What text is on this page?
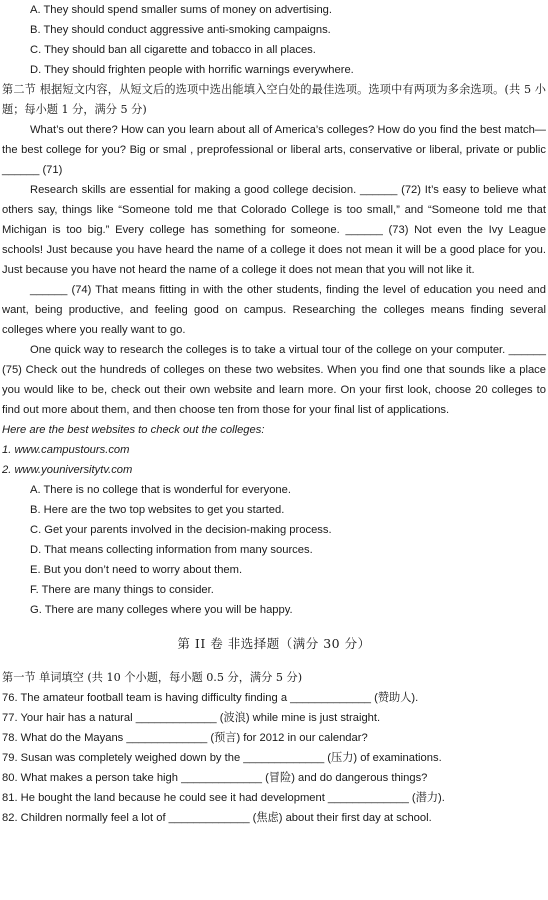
A. They should spend smaller sums of money on advertising.
B. They should conduct aggressive anti-smoking campaigns.
C. They should ban all cigarette and tobacco in all places.
D. They should frighten people with horrific warnings everywhere.
第二节 根据短文内容，从短文后的选项中选出能填入空白处的最佳选项。选项中有两项为多余选项。(共 5 小题；每小题 1 分，满分 5 分)
What’s out there? How can you learn about all of America’s colleges? How do you find the best match—the best college for you? Big or smal , preprofessional or liberal arts, conservative or liberal, private or public ______ (71)
Research skills are essential for making a good college decision. ______ (72) It’s easy to believe what others say, things like “Someone told me that Colorado College is too small,” and “Someone told me that Michigan is too big.” Every college has something for someone. ______ (73) Not even the Ivy League schools! Just because you have heard the name of a college it does not mean it will be a good place for you. Just because you have not heard the name of a college it does not mean that you will not like it.
______ (74) That means fitting in with the other students, finding the level of education you need and want, being productive, and feeling good on campus. Researching the colleges means finding several colleges where you really want to go.
One quick way to research the colleges is to take a virtual tour of the college on your computer. ______ (75) Check out the hundreds of colleges on these two websites. When you find one that sounds like a place you would like to be, check out their own website and learn more. On your first look, choose 20 colleges to find out more about them, and then choose ten from those for your final list of applications.
Here are the best websites to check out the colleges:
1. www.campustours.com
2. www.youniversitytv.com
A. There is no college that is wonderful for everyone.
B. Here are the two top websites to get you started.
C. Get your parents involved in the decision-making process.
D. That means collecting information from many sources.
E. But you don’t need to worry about them.
F. There are many things to consider.
G. There are many colleges where you will be happy.
第 II 卷 非选择题（满分 30 分）
第一节 单词填空 (共 10 个小题，每小题 0.5 分，满分 5 分)
76. The amateur football team is having difficulty finding a _____________ (赞助人).
77. Your hair has a natural _____________ (波浪) while mine is just straight.
78. What do the Mayans _____________ (预言) for 2012 in our calendar?
79. Susan was completely weighed down by the _____________ (压力) of examinations.
80. What makes a person take high _____________ (冒险) and do dangerous things?
81. He bought the land because he could see it had development _____________ (潜力).
82. Children normally feel a lot of _____________ (焦虑) about their first day at school.
